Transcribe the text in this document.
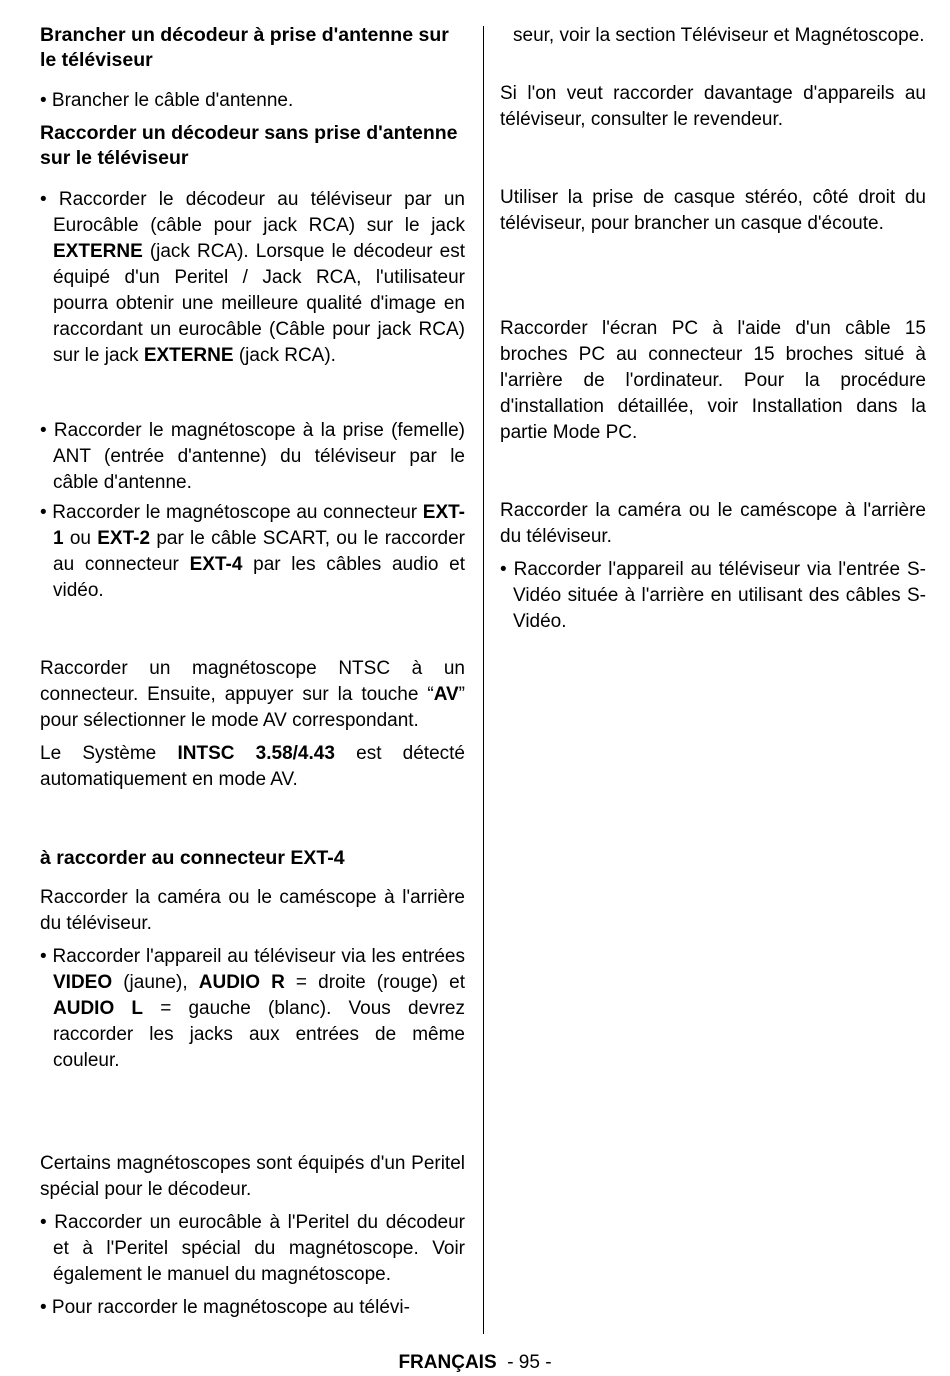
Brancher un décodeur à prise d'antenne sur le téléviseur
• Brancher le câble d'antenne.
Raccorder un décodeur sans prise d'antenne sur le téléviseur
• Raccorder le décodeur au téléviseur par un Eurocâble (câble pour jack RCA) sur le jack EXTERNE (jack RCA). Lorsque le décodeur est équipé d'un Peritel / Jack RCA, l'utilisateur pourra obtenir une meilleure qualité d'image en raccordant un eurocâble (Câble pour jack RCA) sur le jack EXTERNE (jack RCA).
• Raccorder le magnétoscope à la prise (femelle) ANT (entrée d'antenne) du téléviseur par le câble d'antenne.
• Raccorder le magnétoscope au connecteur EXT-1 ou EXT-2 par le câble SCART, ou le raccorder au connecteur EXT-4 par les câbles audio et vidéo.
Raccorder un magnétoscope NTSC à un connecteur. Ensuite, appuyer sur la touche “AV” pour sélectionner le mode AV correspondant.
Le Système INTSC 3.58/4.43 est détecté automatiquement en mode AV.
à raccorder au connecteur EXT-4
Raccorder la caméra ou le caméscope à l'arrière du téléviseur.
• Raccorder l'appareil au téléviseur via les entrées VIDEO (jaune), AUDIO R = droite (rouge) et AUDIO L = gauche (blanc). Vous devrez raccorder les jacks aux entrées de même couleur.
Certains magnétoscopes sont équipés d'un Peritel spécial pour le décodeur.
• Raccorder un eurocâble à l'Peritel du décodeur et à l'Peritel spécial du magnétoscope. Voir également le manuel du magnétoscope.
• Pour raccorder le magnétoscope au télévi-
seur, voir la section Téléviseur et Magnétoscope.
Si l'on veut raccorder davantage d'appareils au téléviseur, consulter le revendeur.
Utiliser la prise de casque stéréo, côté droit du téléviseur, pour brancher un casque d'écoute.
Raccorder l'écran PC à l'aide d'un câble 15 broches PC au connecteur 15 broches situé à l'arrière de l'ordinateur. Pour la procédure d'installation détaillée, voir Installation dans la partie Mode PC.
Raccorder la caméra ou le caméscope à l'arrière du téléviseur.
• Raccorder l'appareil au téléviseur via l'entrée S-Vidéo située à l'arrière en utilisant des câbles S-Vidéo.
FRANÇAIS - 95 -
